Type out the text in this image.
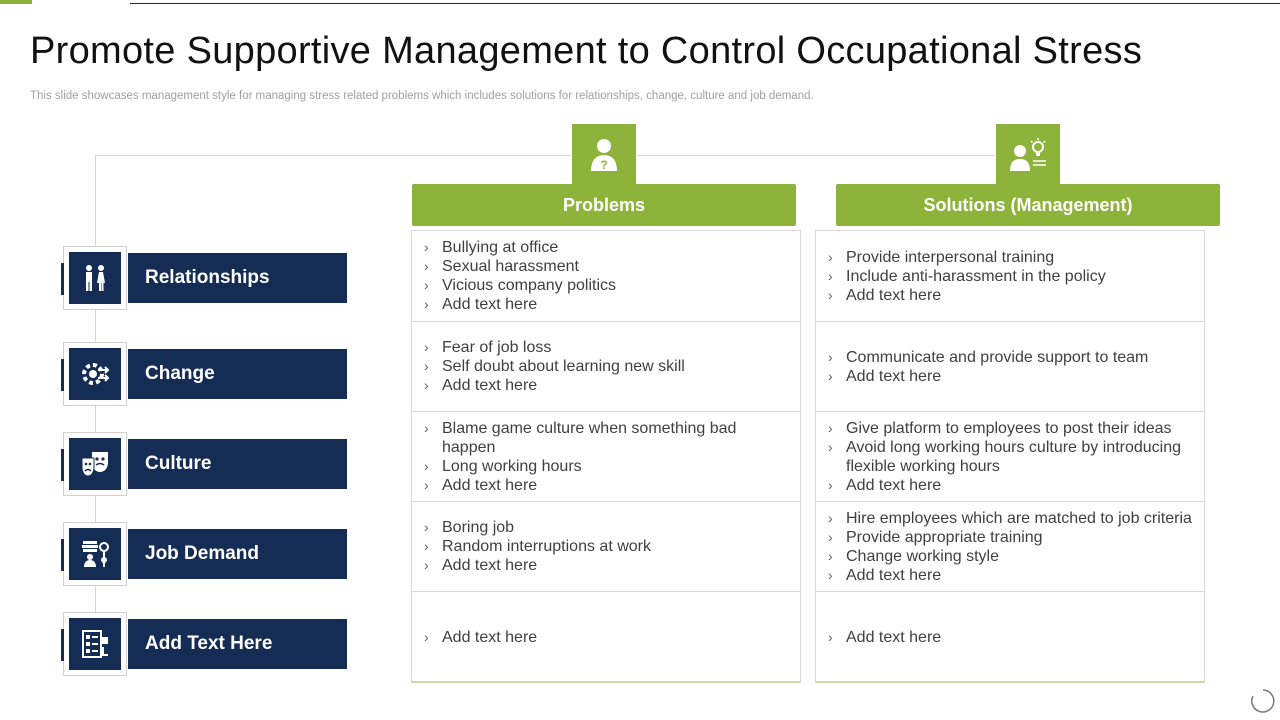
Promote Supportive Management to Control Occupational Stress

This slide showcases management style for managing stress related problems which includes solutions for relationships, change, culture and job demand.

?
Problems	Solutions (Management)
Relationships
Change
Culture
Job Demand
Add Text Here
› Bullying at office
› Sexual harassment
› Vicious company politics
› Add text here
› Fear of job loss
› Self doubt about learning new skill
› Add text here
› Blame game culture when something bad happen
› Long working hours
› Add text here
› Boring job
› Random interruptions at work
› Add text here
› Add text here
› Provide interpersonal training
› Include anti-harassment in the policy
› Add text here
› Communicate and provide support to team
› Add text here
› Give platform to employees to post their ideas
› Avoid long working hours culture by introducing flexible working hours
› Add text here
› Hire employees which are matched to job criteria
› Provide appropriate training
› Change working style
› Add text here
› Add text here
